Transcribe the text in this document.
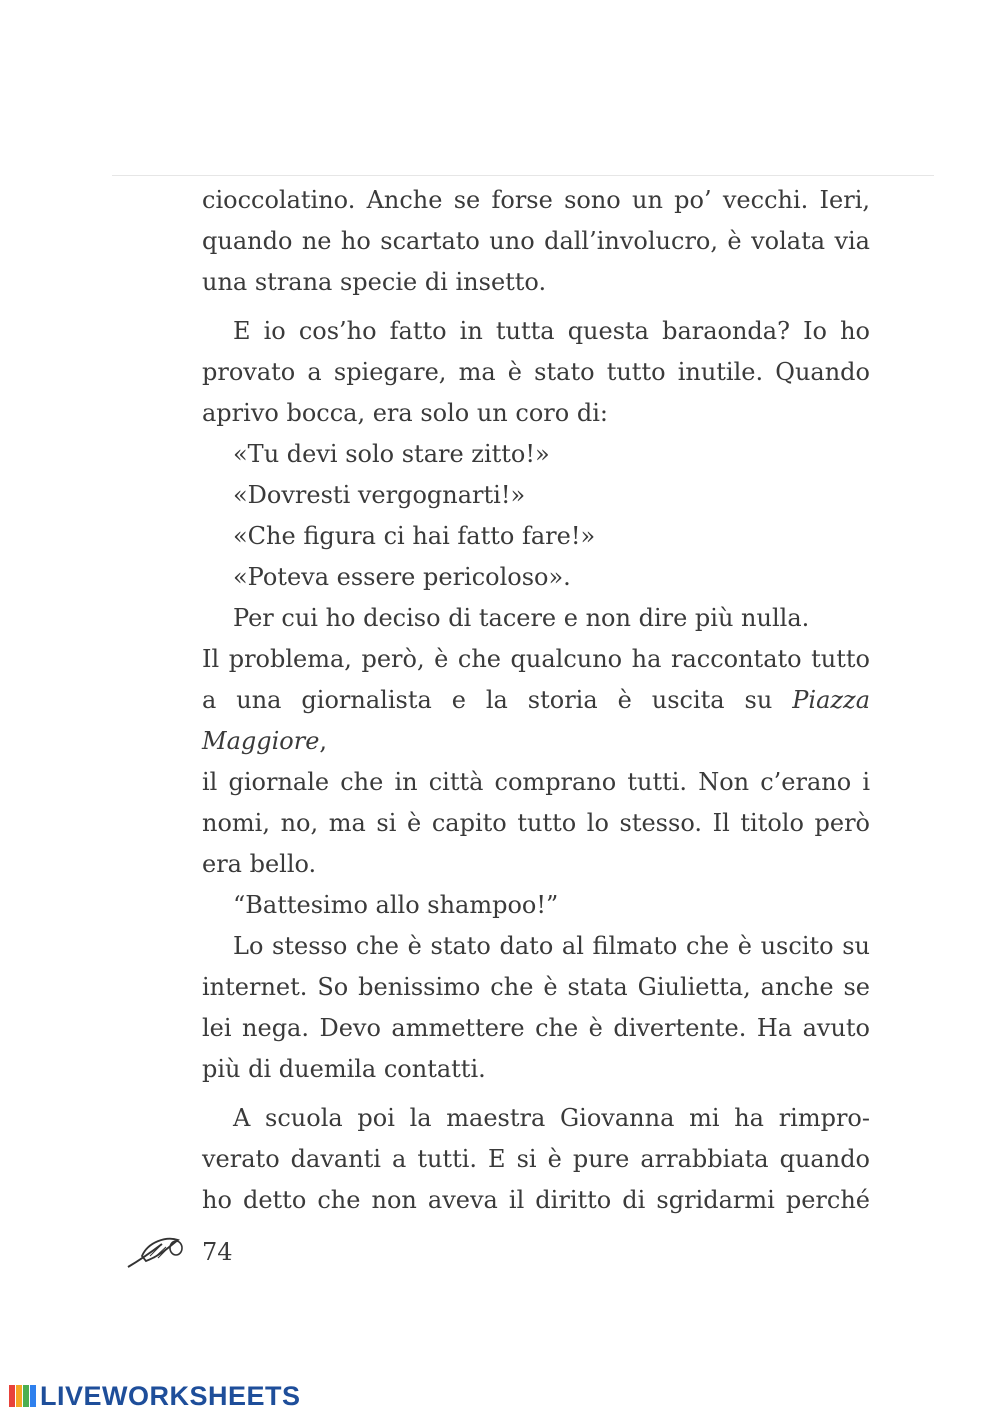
cioccolatino. Anche se forse sono un po’ vecchi. Ieri,

quando ne ho scartato uno dall’involucro, è volata via

una strana specie di insetto.

E io cos’ho fatto in tutta questa baraonda? Io ho

provato a spiegare, ma è stato tutto inutile. Quando

aprivo bocca, era solo un coro di:

«Tu devi solo stare zitto!»

«Dovresti vergognarti!»

«Che figura ci hai fatto fare!»

«Poteva essere pericoloso».

Per cui ho deciso di tacere e non dire più nulla.

Il problema, però, è che qualcuno ha raccontato tutto

a una giornalista e la storia è uscita su Piazza Maggiore,

il giornale che in città comprano tutti. Non c’erano i

nomi, no, ma si è capito tutto lo stesso. Il titolo però

era bello.

“Battesimo allo shampoo!”

Lo stesso che è stato dato al filmato che è uscito su

internet. So benissimo che è stata Giulietta, anche se

lei nega. Devo ammettere che è divertente. Ha avuto

più di duemila contatti.

A scuola poi la maestra Giovanna mi ha rimpro-

verato davanti a tutti. E si è pure arrabbiata quando

ho detto che non aveva il diritto di sgridarmi perché

74
LIVEWORKSHEETS
